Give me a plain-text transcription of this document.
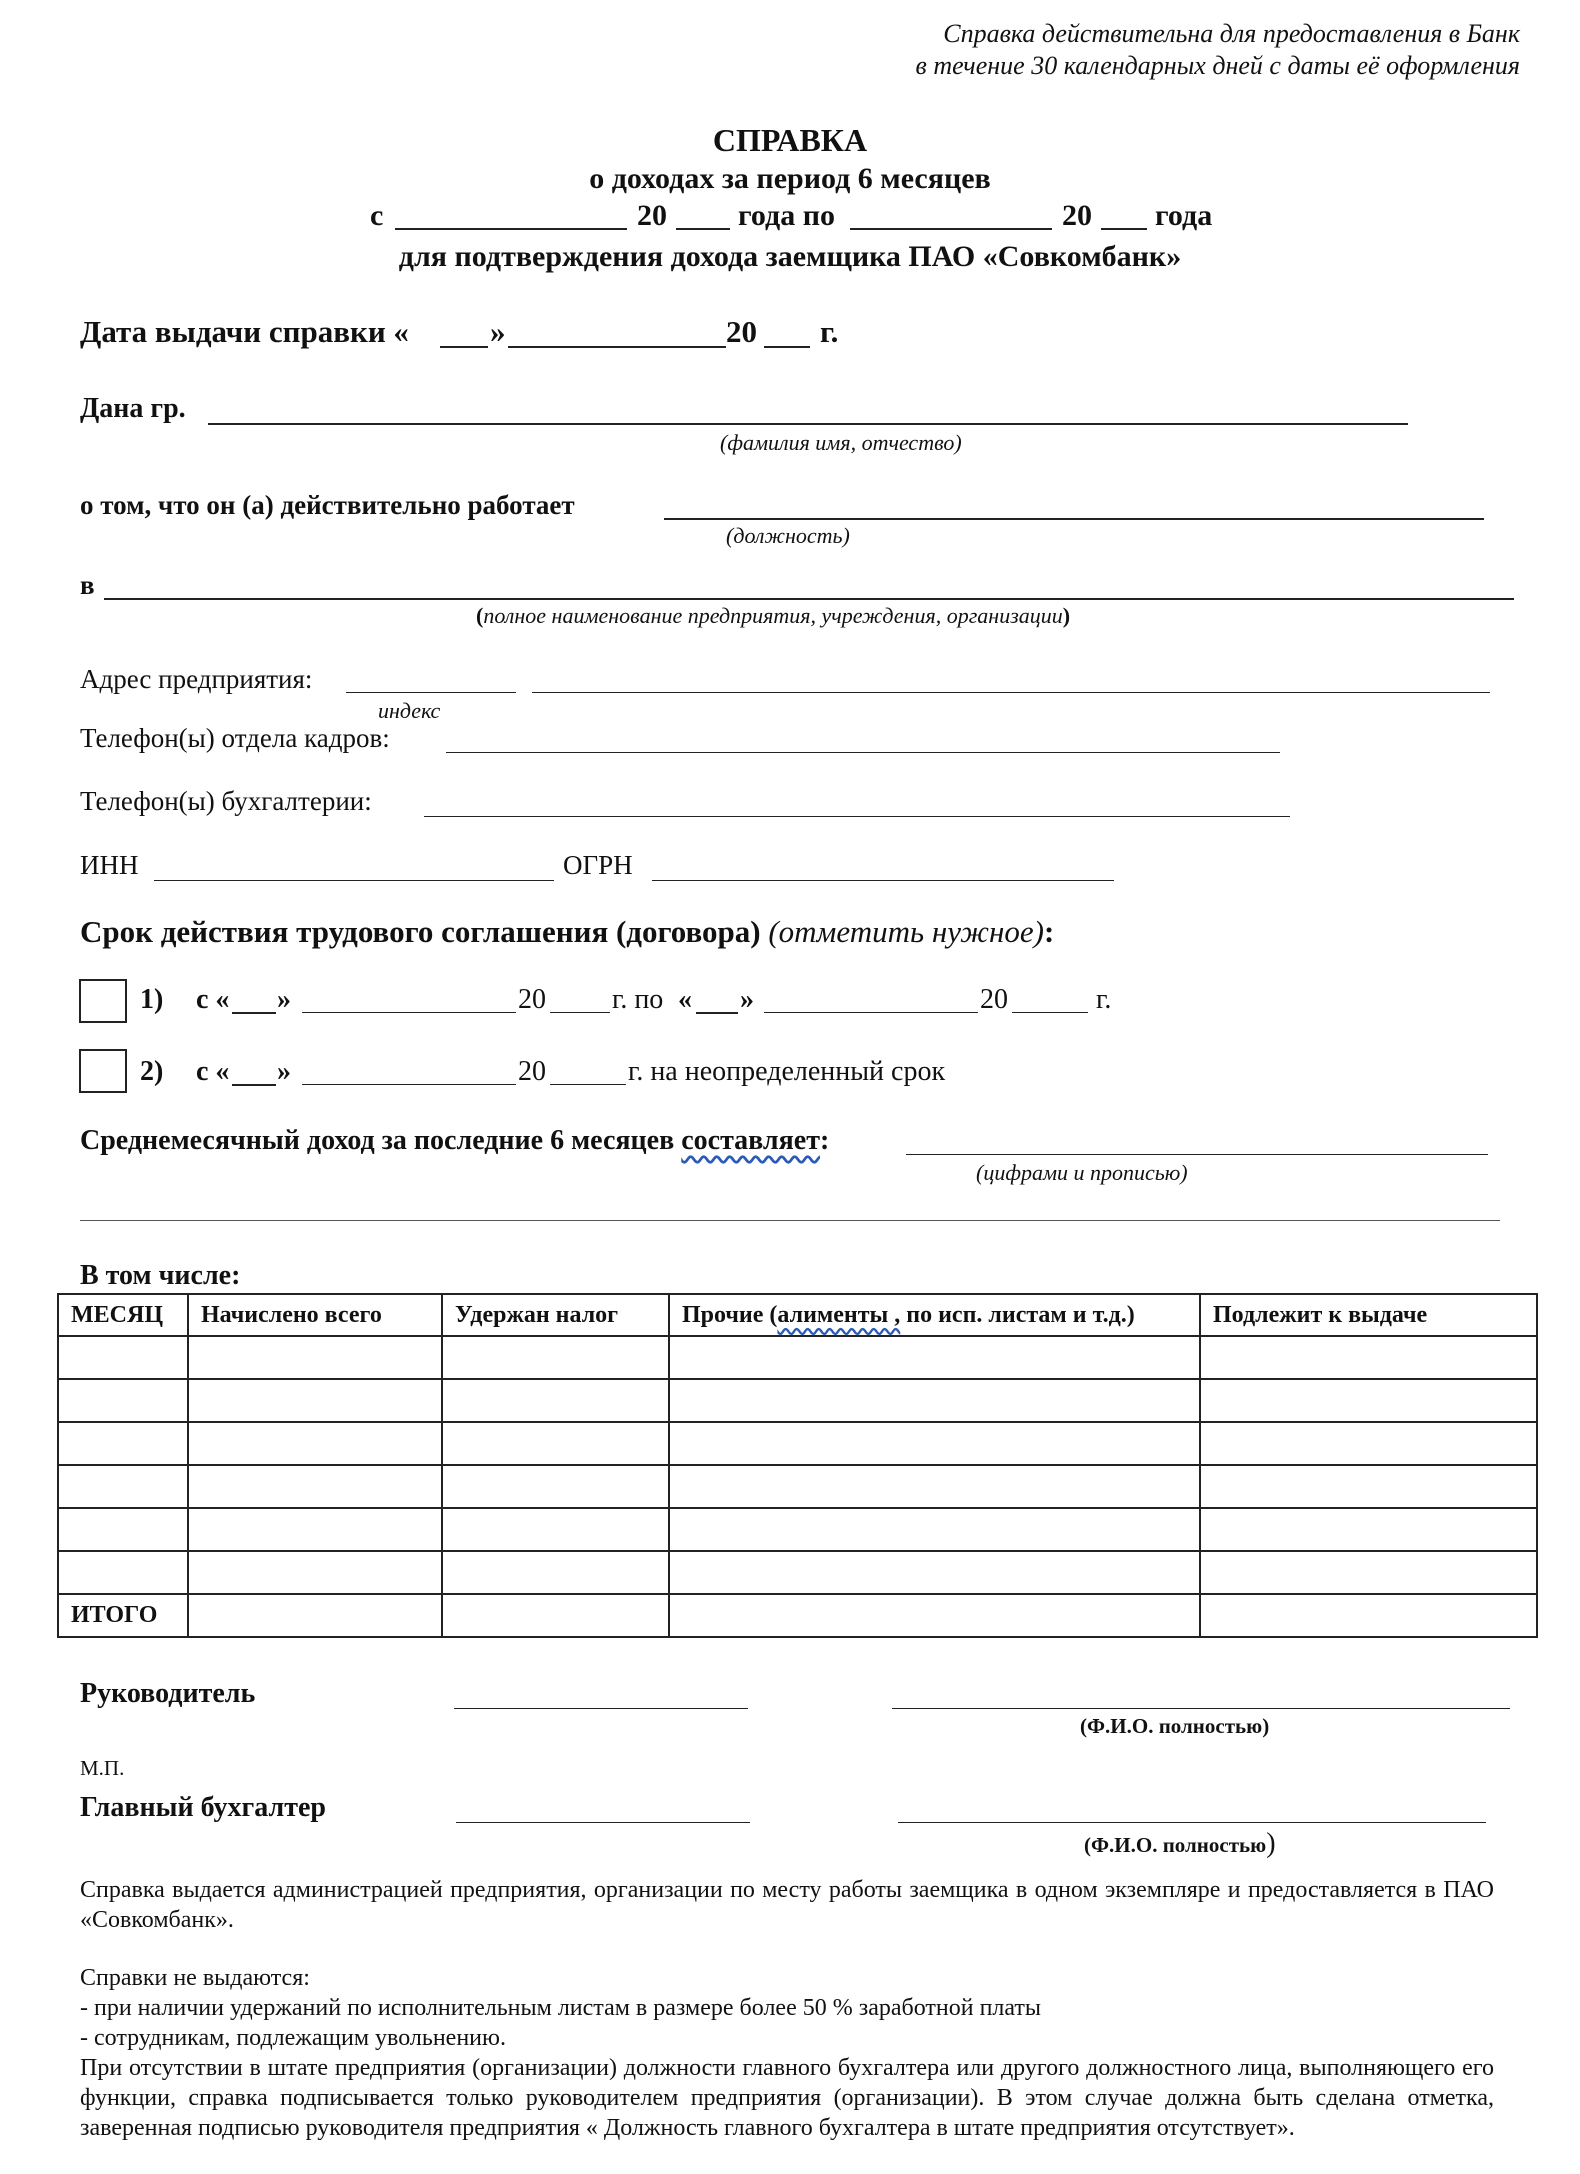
Справка действительна для предоставления в Банк
в течение 30 календарных дней с даты её оформления
СПРАВКА
о доходах за период 6 месяцев
с	20 года по	20 года
для подтверждения дохода заемщика ПАО «Совкомбанк»
Дата выдачи справки «	»	20 г.
Дана гр.
(фамилия имя, отчество)
о том, что он (а) действительно работает
(должность)
в
(полное наименование предприятия, учреждения, организации)
Адрес предприятия:
индекс
Телефон(ы) отдела кадров:
Телефон(ы) бухгалтерии:
ИНН	ОГРН
Срок действия трудового соглашения (договора) (отметить нужное):
1) с « »	20 г. по « »	20	г.
2) с « »	20	г. на неопределенный срок
Среднемесячный доход за последние 6 месяцев составляет:
(цифрами и прописью)
В том числе:
МЕСЯЦ	Начислено всего	Удержан налог	Прочие (алименты , по исп. листам и т.д.)	Подлежит к выдаче

ИТОГО				
Руководитель
(Ф.И.О. полностью)
М.П.
Главный бухгалтер
(Ф.И.О. полностью)
Справка выдается администрацией предприятия, организации по месту работы заемщика в одном экземпляре и предоставляется в ПАО «Совкомбанк».
Справки не выдаются:
- при наличии удержаний по исполнительным листам в размере более 50 % заработной платы
- сотрудникам, подлежащим увольнению.
При отсутствии в штате предприятия (организации) должности главного бухгалтера или другого должностного лица, выполняющего его функции, справка подписывается только руководителем предприятия (организации). В этом случае должна быть сделана отметка, заверенная подписью руководителя предприятия « Должность главного бухгалтера в штате предприятия отсутствует».
